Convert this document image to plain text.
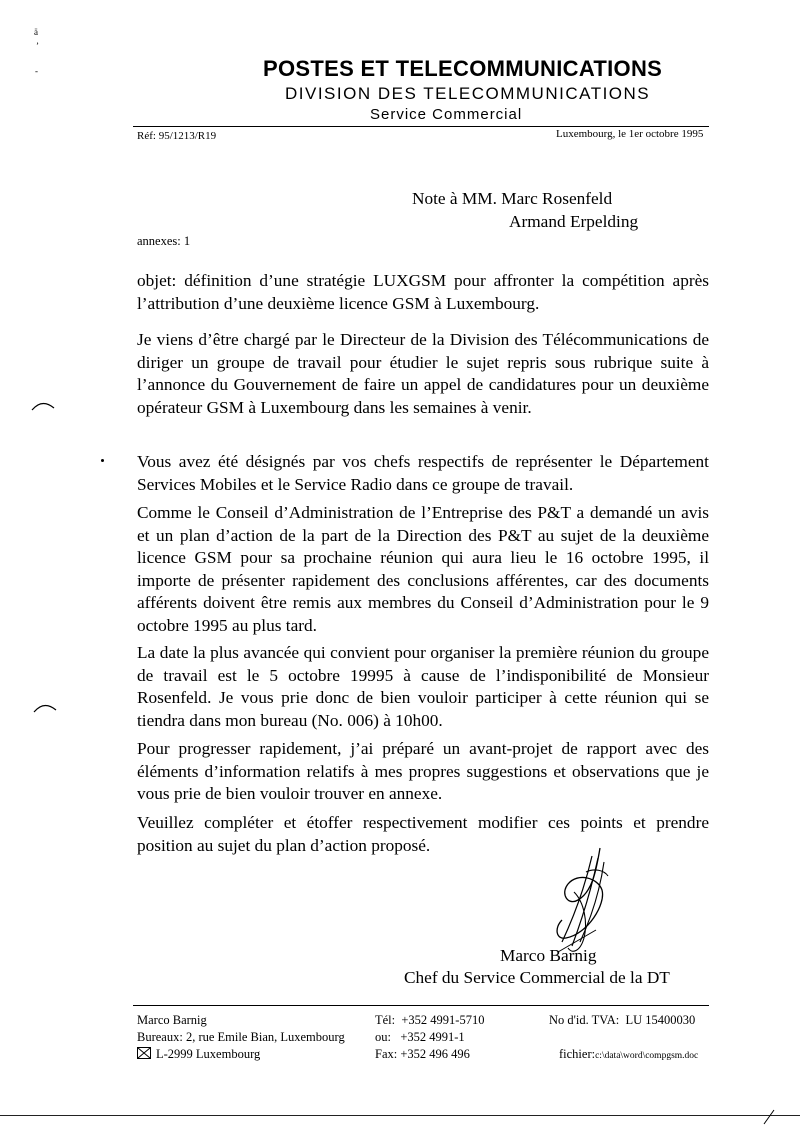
ä
ʼ
-	POSTES ET TELECOMMUNICATIONS
DIVISION DES TELECOMMUNICATIONS
Service Commercial
Réf: 95/1213/R19	Luxembourg, le 1er octobre 1995
Note à MM. Marc Rosenfeld
Armand Erpelding
annexes: 1
objet: définition d’une stratégie LUXGSM pour affronter la compétition après l’attribution d’une deuxième licence GSM à Luxembourg.
Je viens d’être chargé par le Directeur de la Division des Télécommunications de diriger un groupe de travail pour étudier le sujet repris sous rubrique suite à l’annonce du Gouvernement de faire un appel de candidatures pour un deuxième opérateur GSM à Luxembourg dans les semaines à venir.
Vous avez été désignés par vos chefs respectifs de représenter le Département Services Mobiles et le Service Radio dans ce groupe de travail.
Comme le Conseil d’Administration de l’Entreprise des P&T a demandé un avis et un plan d’action de la part de la Direction des P&T au sujet de la deuxième licence GSM pour sa prochaine réunion qui aura lieu le 16 octobre 1995, il importe de présenter rapidement des conclusions afférentes, car des documents afférents doivent être remis aux membres du Conseil d’Administration pour le 9 octobre 1995 au plus tard.
La date la plus avancée qui convient pour organiser la première réunion du groupe de travail est le 5 octobre 19995 à cause de l’indisponibilité de Monsieur Rosenfeld. Je vous prie donc de bien vouloir participer à cette réunion qui se tiendra dans mon bureau (No. 006) à 10h00.
Pour progresser rapidement, j’ai préparé un avant-projet de rapport avec des éléments d’information relatifs à mes propres suggestions et observations que je vous prie de bien vouloir trouver en annexe.
Veuillez compléter et étoffer respectivement modifier ces points et prendre position au sujet du plan d’action proposé.
Marco Barnig
Chef du Service Commercial de la DT
Marco Barnig
Bureaux: 2, rue Emile Bian, Luxembourg
L-2999 Luxembourg
Tél:  +352 4991-5710
ou:   +352 4991-1
Fax: +352 496 496
No d'id. TVA:  LU 15400030
fichier:c:\data\word\compgsm.doc
